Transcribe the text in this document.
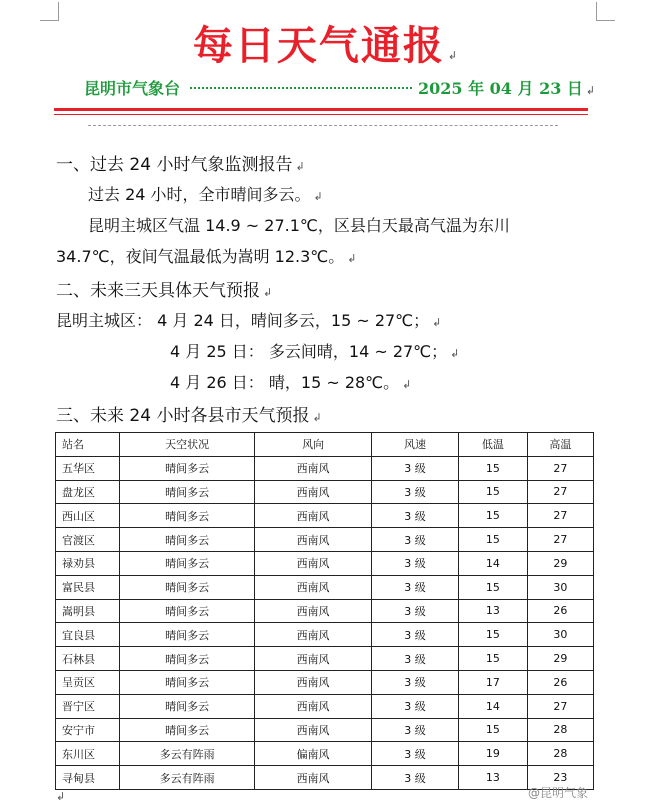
每日天气通报 ↲
昆明市气象台	2025 年 04 月 23 日 ↲
一、过去 24 小时气象监测报告 ↲
过去 24 小时，全市晴间多云。 ↲
昆明主城区气温 14.9 ~ 27.1℃，区县白天最高气温为东川
34.7℃，夜间气温最低为嵩明 12.3℃。 ↲
二、未来三天具体天气预报 ↲
昆明主城区： 4 月 24 日，晴间多云，15 ~ 27℃； ↲
4 月 25 日： 多云间晴，14 ~ 27℃； ↲
4 月 26 日： 晴，15 ~ 28℃。 ↲
三、未来 24 小时各县市天气预报 ↲
站名	天空状况	风向	风速	低温	高温
五华区	晴间多云	西南风	3 级	15	27
盘龙区	晴间多云	西南风	3 级	15	27
西山区	晴间多云	西南风	3 级	15	27
官渡区	晴间多云	西南风	3 级	15	27
禄劝县	晴间多云	西南风	3 级	14	29
富民县	晴间多云	西南风	3 级	15	30
嵩明县	晴间多云	西南风	3 级	13	26
宜良县	晴间多云	西南风	3 级	15	30
石林县	晴间多云	西南风	3 级	15	29
呈贡区	晴间多云	西南风	3 级	17	26
晋宁区	晴间多云	西南风	3 级	14	27
安宁市	晴间多云	西南风	3 级	15	28
东川区	多云有阵雨	偏南风	3 级	19	28
寻甸县	多云有阵雨	西南风	3 级	13	23
@昆明气象
↲
